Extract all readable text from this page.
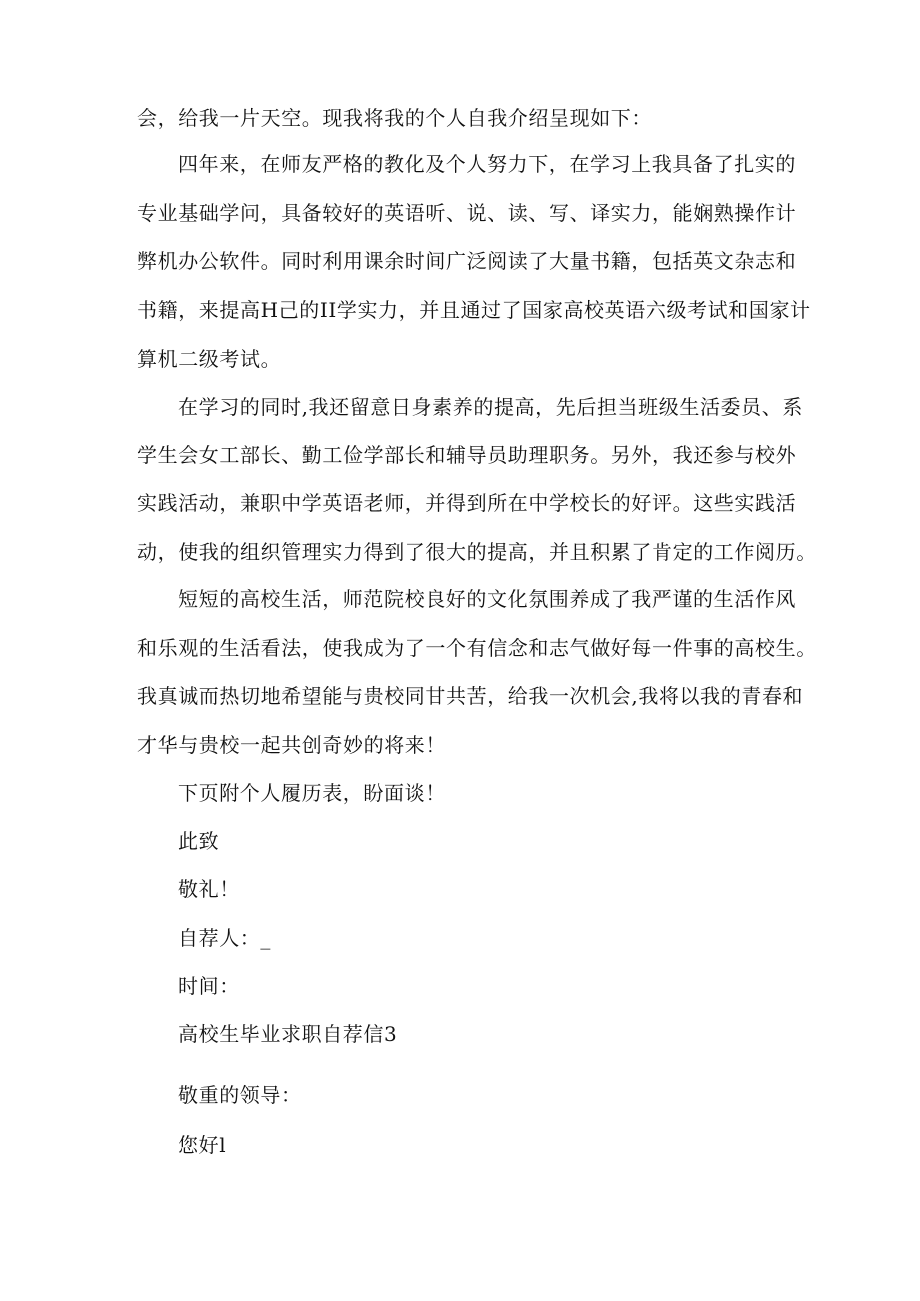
会，给我一片天空。现我将我的个人自我介绍呈现如下：
四年来，在师友严格的教化及个人努力下，在学习上我具备了扎实的
专业基础学问，具备较好的英语听、说、读、写、译实力，能娴熟操作计
弊机办公软件。同时利用课余时间广泛阅读了大量书籍，包括英文杂志和
书籍，来提高H己的II学实力，并且通过了国家高校英语六级考试和国家计
算机二级考试。
在学习的同时,我还留意日身素养的提高，先后担当班级生活委员、系
学生会女工部长、勤工俭学部长和辅导员助理职务。另外，我还参与校外
实践活动，兼职中学英语老师，并得到所在中学校长的好评。这些实践活
动，使我的组织管理实力得到了很大的提高，并且积累了肯定的工作阅历。
短短的高校生活，师范院校良好的文化氛围养成了我严谨的生活作风
和乐观的生活看法，使我成为了一个有信念和志气做好每一件事的高校生。
我真诚而热切地希望能与贵校同甘共苦，给我一次机会,我将以我的青春和
才华与贵校一起共创奇妙的将来！
下页附个人履历表，盼面谈！
此致
敬礼！
自荐人：_
时间：
高校生毕业求职自荐信3
敬重的领导：
您好l
